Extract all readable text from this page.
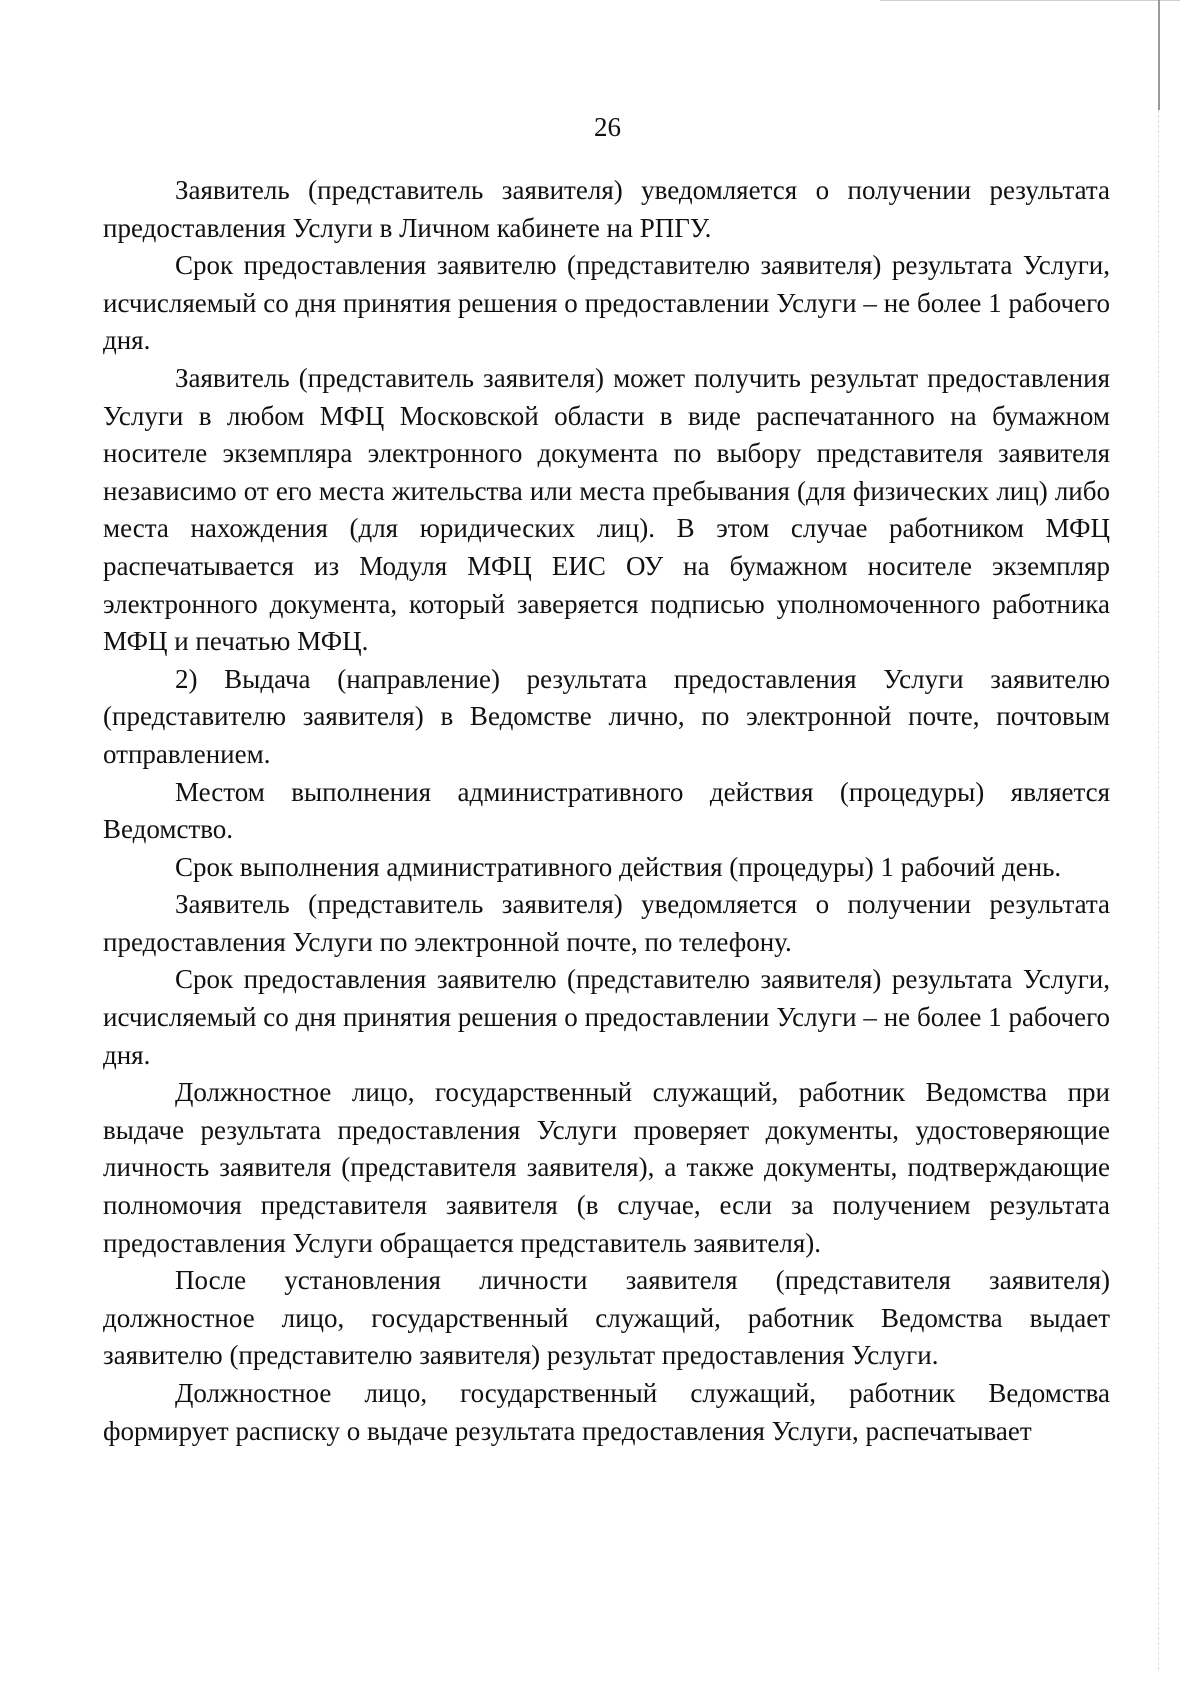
26

Заявитель (представитель заявителя) уведомляется о получении результата предоставления Услуги в Личном кабинете на РПГУ.

Срок предоставления заявителю (представителю заявителя) результата Услуги, исчисляемый со дня принятия решения о предоставлении Услуги – не более 1 рабочего дня.

Заявитель (представитель заявителя) может получить результат предоставления Услуги в любом МФЦ Московской области в виде распечатанного на бумажном носителе экземпляра электронного документа по выбору представителя заявителя независимо от его места жительства или места пребывания (для физических лиц) либо места нахождения (для юридических лиц). В этом случае работником МФЦ распечатывается из Модуля МФЦ ЕИС ОУ на бумажном носителе экземпляр электронного документа, который заверяется подписью уполномоченного работника МФЦ и печатью МФЦ.

2) Выдача (направление) результата предоставления Услуги заявителю (представителю заявителя) в Ведомстве лично, по электронной почте, почтовым отправлением.

Местом выполнения административного действия (процедуры) является Ведомство.

Срок выполнения административного действия (процедуры) 1 рабочий день.

Заявитель (представитель заявителя) уведомляется о получении результата предоставления Услуги по электронной почте, по телефону.

Срок предоставления заявителю (представителю заявителя) результата Услуги, исчисляемый со дня принятия решения о предоставлении Услуги – не более 1 рабочего дня.

Должностное лицо, государственный служащий, работник Ведомства при выдаче результата предоставления Услуги проверяет документы, удостоверяющие личность заявителя (представителя заявителя), а также документы, подтверждающие полномочия представителя заявителя (в случае, если за получением результата предоставления Услуги обращается представитель заявителя).

После установления личности заявителя (представителя заявителя) должностное лицо, государственный служащий, работник Ведомства выдает заявителю (представителю заявителя) результат предоставления Услуги.

Должностное лицо, государственный служащий, работник Ведомства формирует расписку о выдаче результата предоставления Услуги, распечатывает
